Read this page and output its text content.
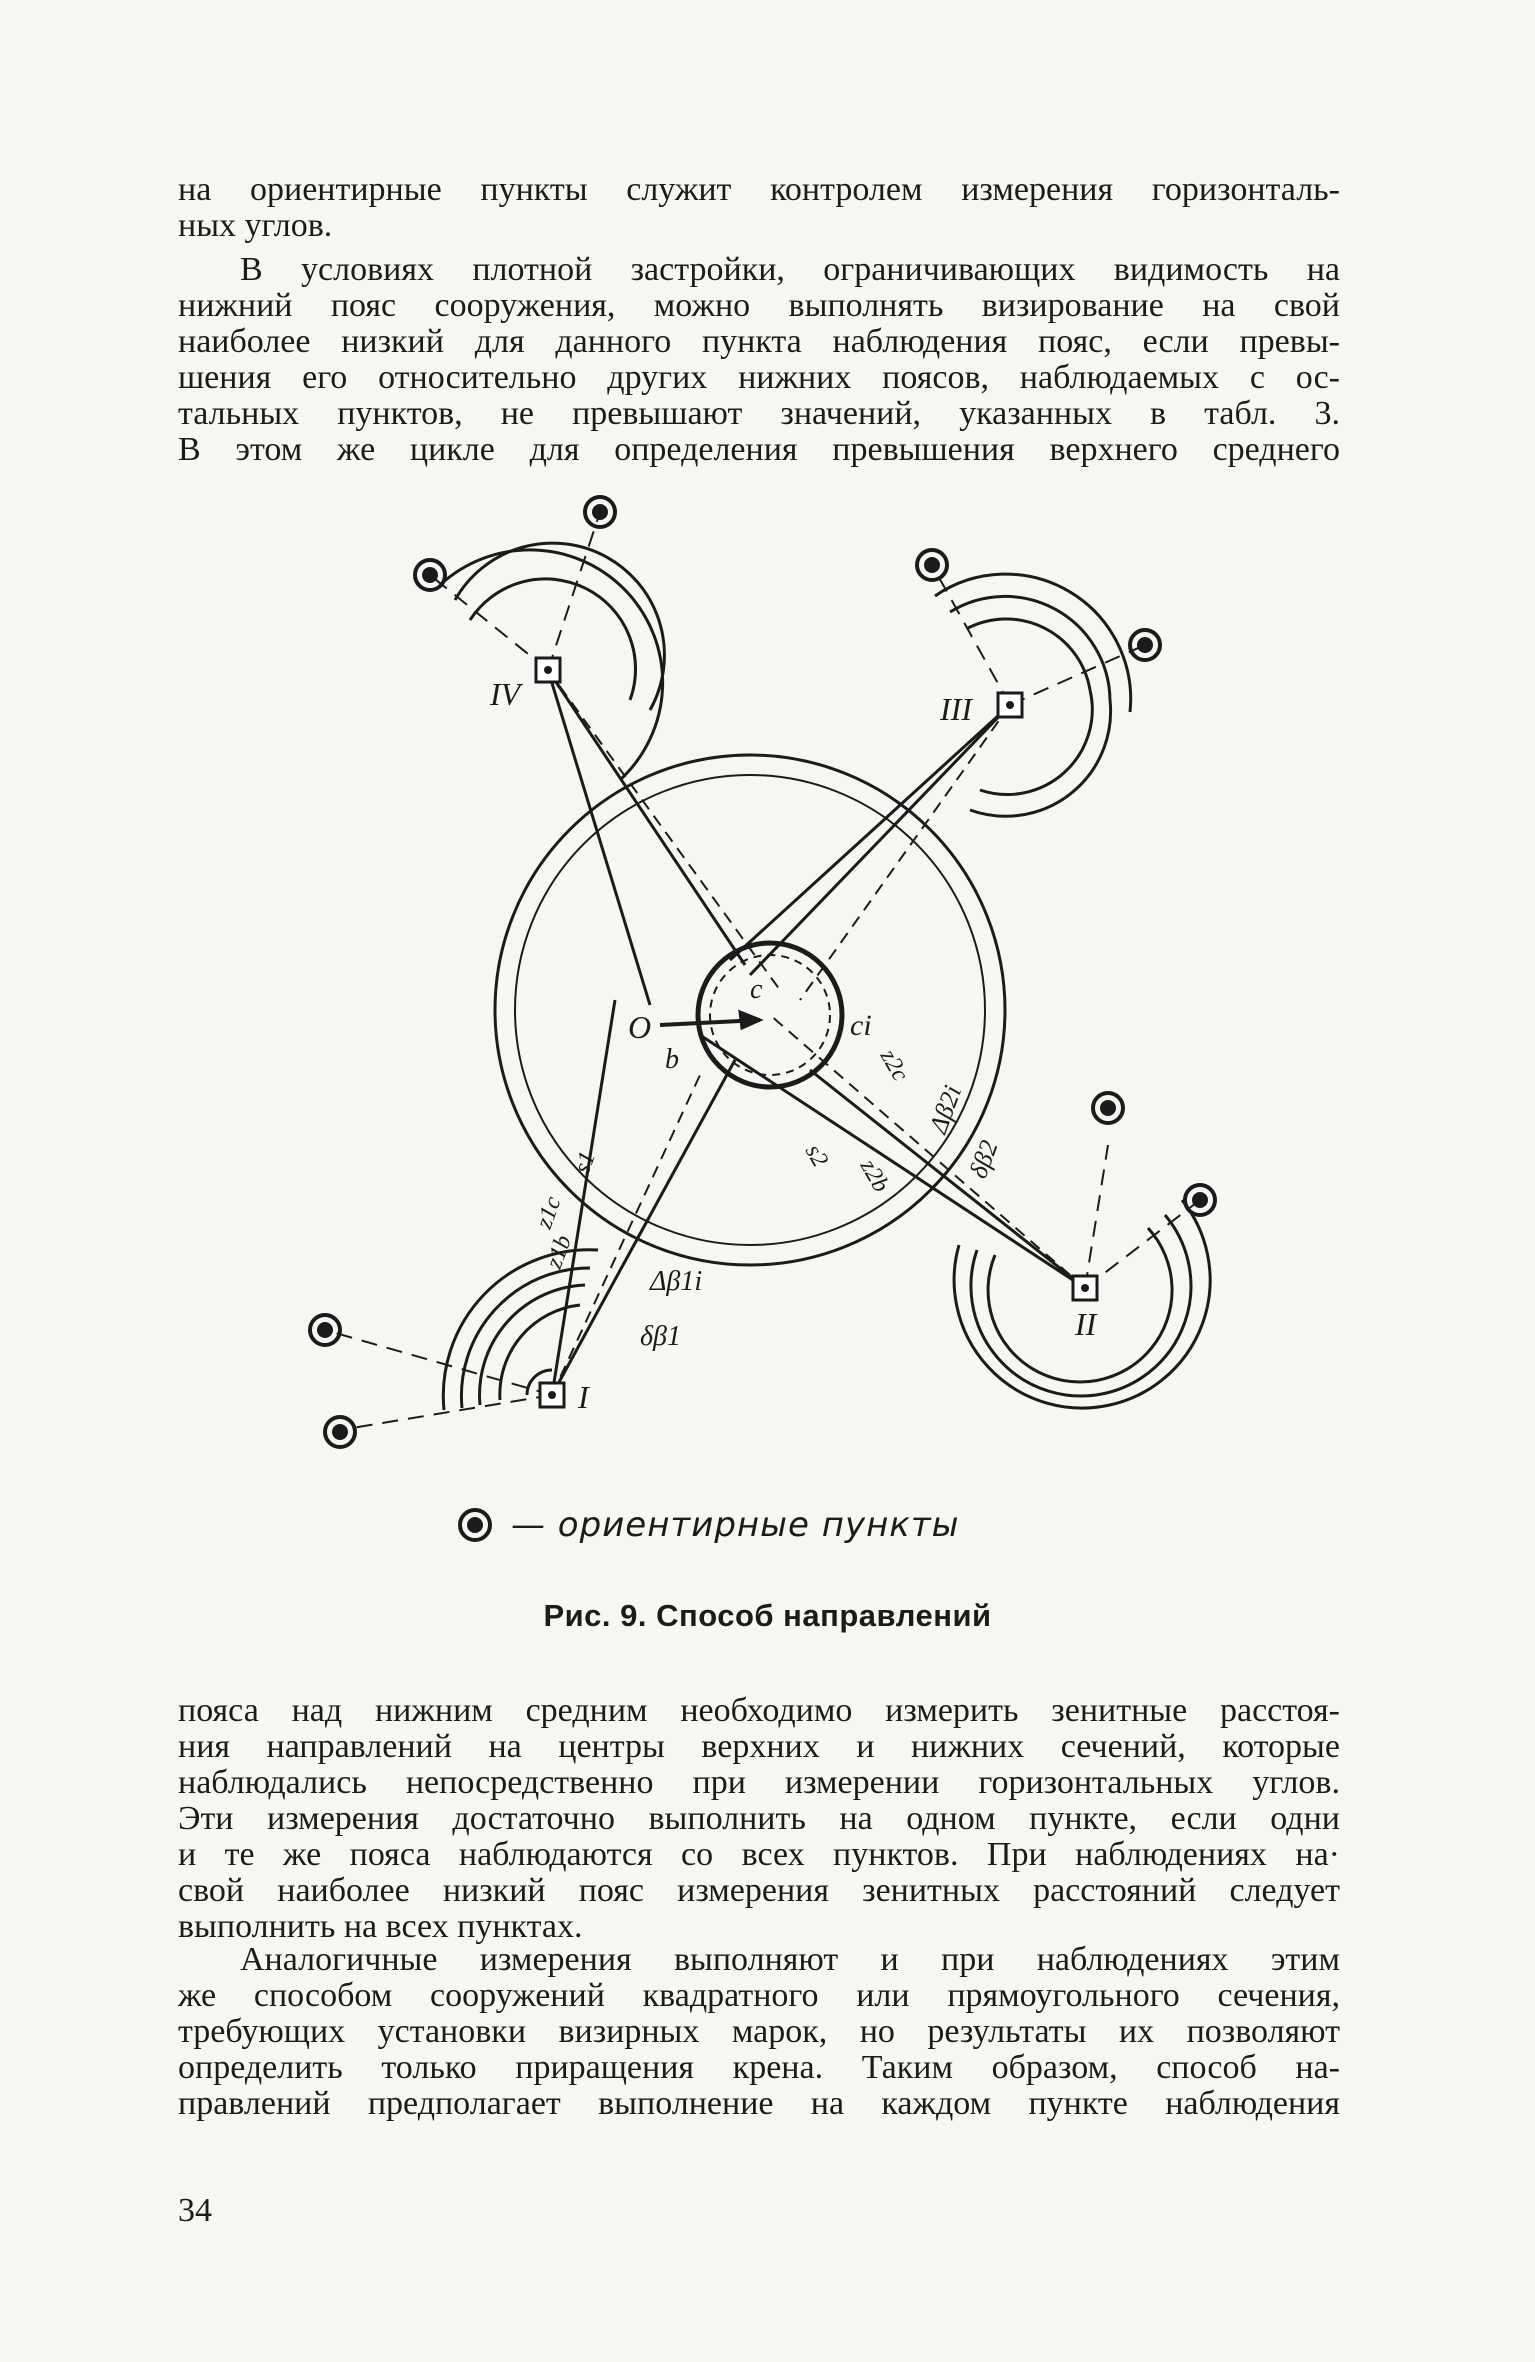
на ориентирные пункты служит контролем измерения горизонталь-
ных углов.
В условиях плотной застройки, ограничивающих видимость на
нижний пояс сооружения, можно выполнять визирование на свой
наиболее низкий для данного пункта наблюдения пояс, если превы-
шения его относительно других нижних поясов, наблюдаемых с ос-
тальных пунктов, не превышают значений, указанных в табл. 3.
В этом же цикле для определения превышения верхнего среднего
I
II
III
IV
O
b
c
ci
s1	s2
z1c
z1b
z2c
z2b
Δβ1i
δβ1
Δβ2i
δβ2
— ориентирные пункты
Рис. 9. Способ направлений
пояса над нижним средним необходимо измерить зенитные расстоя-
ния направлений на центры верхних и нижних сечений, которые
наблюдались непосредственно при измерении горизонтальных углов.
Эти измерения достаточно выполнить на одном пункте, если одни
и те же пояса наблюдаются со всех пунктов. При наблюдениях на·
свой наиболее низкий пояс измерения зенитных расстояний следует
выполнить на всех пунктах.
Аналогичные измерения выполняют и при наблюдениях этим
же способом сооружений квадратного или прямоугольного сечения,
требующих установки визирных марок, но результаты их позволяют
определить только приращения крена. Таким образом, способ на-
правлений предполагает выполнение на каждом пункте наблюдения
34
